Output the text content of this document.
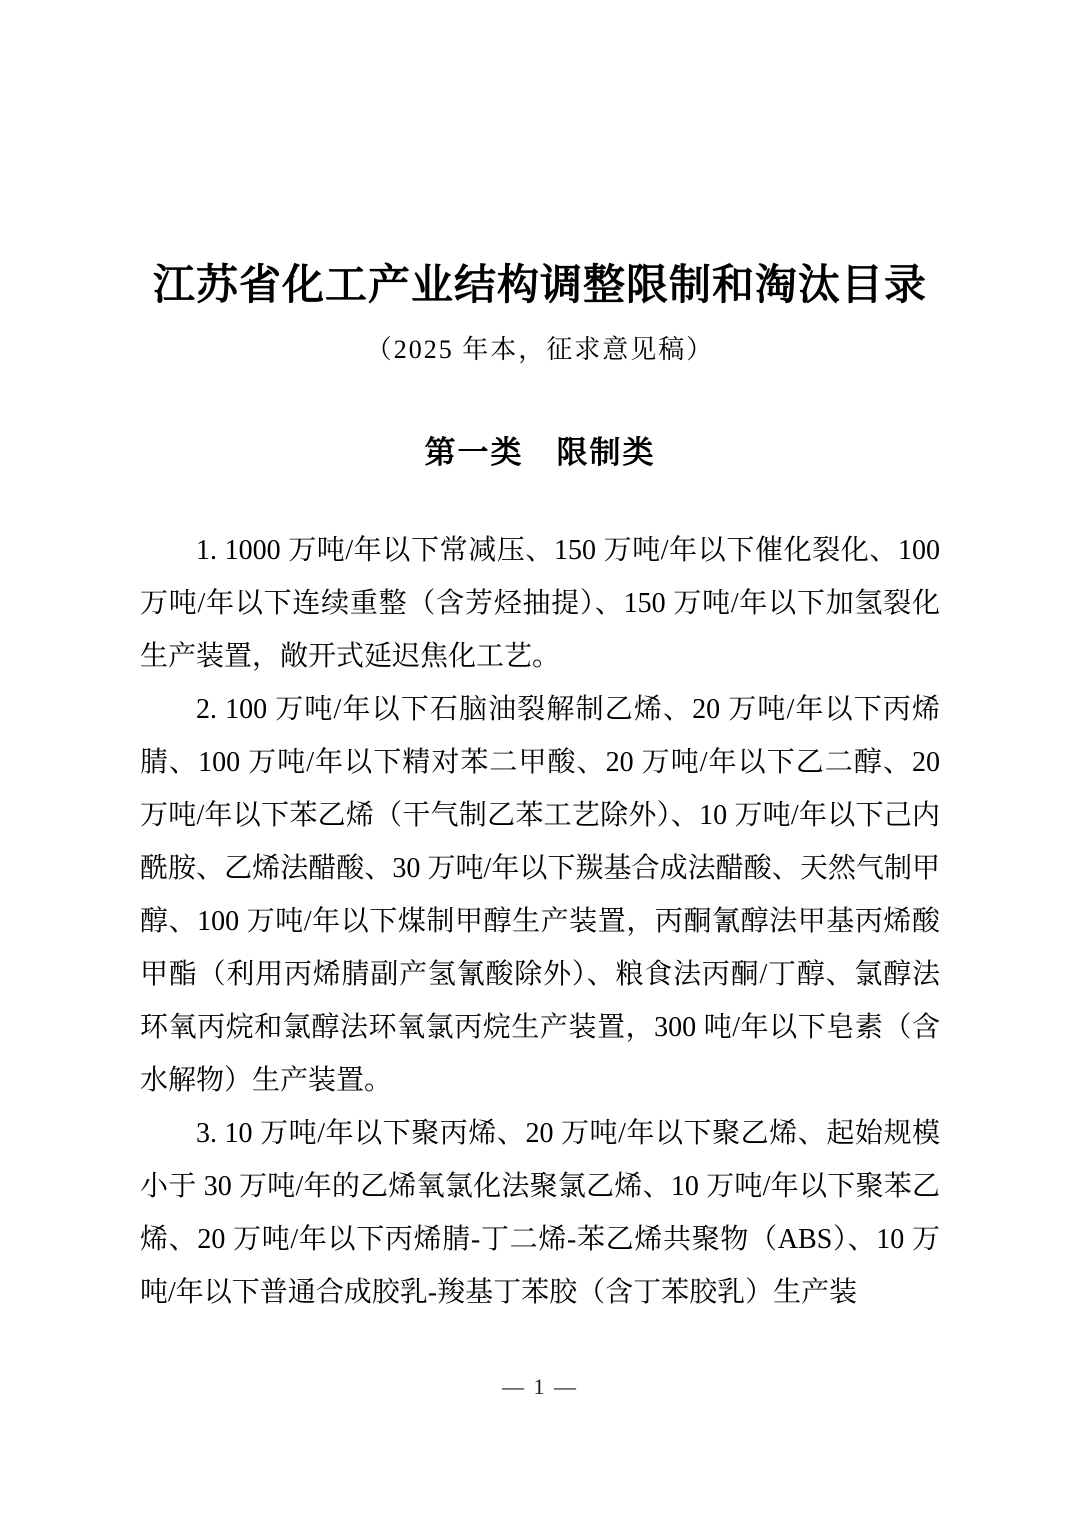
江苏省化工产业结构调整限制和淘汰目录
（2025 年本，征求意见稿）
第一类　限制类

1. 1000 万吨/年以下常减压、150 万吨/年以下催化裂化、100 万吨/年以下连续重整（含芳烃抽提）、150 万吨/年以下加氢裂化生产装置，敞开式延迟焦化工艺。

2. 100 万吨/年以下石脑油裂解制乙烯、20 万吨/年以下丙烯腈、100 万吨/年以下精对苯二甲酸、20 万吨/年以下乙二醇、20 万吨/年以下苯乙烯（干气制乙苯工艺除外）、10 万吨/年以下己内酰胺、乙烯法醋酸、30 万吨/年以下羰基合成法醋酸、天然气制甲醇、100 万吨/年以下煤制甲醇生产装置，丙酮氰醇法甲基丙烯酸甲酯（利用丙烯腈副产氢氰酸除外）、粮食法丙酮/丁醇、氯醇法环氧丙烷和氯醇法环氧氯丙烷生产装置，300 吨/年以下皂素（含水解物）生产装置。

3. 10 万吨/年以下聚丙烯、20 万吨/年以下聚乙烯、起始规模小于 30 万吨/年的乙烯氧氯化法聚氯乙烯、10 万吨/年以下聚苯乙烯、20 万吨/年以下丙烯腈-丁二烯-苯乙烯共聚物（ABS）、10 万吨/年以下普通合成胶乳-羧基丁苯胶（含丁苯胶乳）生产装

— 1 —
